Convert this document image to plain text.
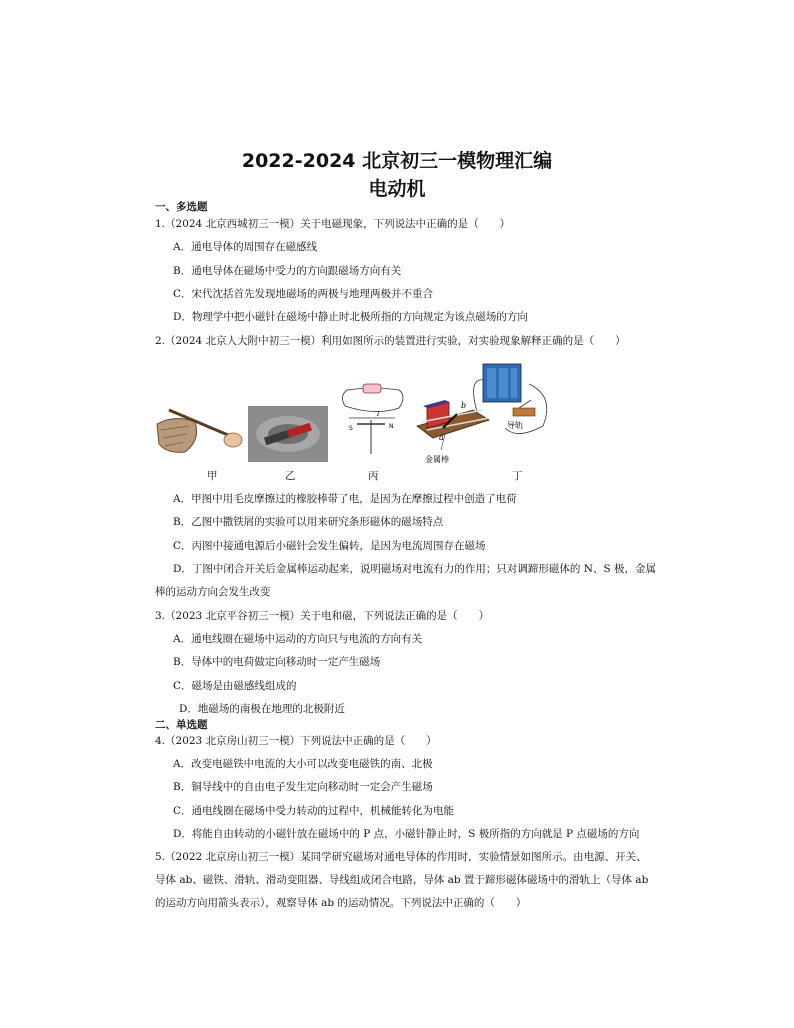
2022-2024 北京初三一模物理汇编
电动机
一、多选题
1.（2024 北京西城初三一模）关于电磁现象，下列说法中正确的是（　　）
A．通电导体的周围存在磁感线
B．通电导体在磁场中受力的方向跟磁场方向有关
C．宋代沈括首先发现地磁场的两极与地理两极并不重合
D．物理学中把小磁针在磁场中静止时北极所指的方向规定为该点磁场的方向
2.（2024 北京人大附中初三一模）利用如图所示的装置进行实验，对实验现象解释正确的是（　　）
S	N
I
b
a
导轨
金属棒
甲	乙	丙	丁
A．甲图中用毛皮摩擦过的橡胶棒带了电，是因为在摩擦过程中创造了电荷
B．乙图中撒铁屑的实验可以用来研究条形磁体的磁场特点
C．丙图中接通电源后小磁针会发生偏转，是因为电流周围存在磁场
D．丁图中闭合开关后金属棒运动起来，说明磁场对电流有力的作用；只对调蹄形磁体的 N、S 极，金属
棒的运动方向会发生改变
3.（2023 北京平谷初三一模）关于电和磁，下列说法正确的是（　　）
A．通电线圈在磁场中运动的方向只与电流的方向有关
B．导体中的电荷做定向移动时一定产生磁场
C．磁场是由磁感线组成的
D．地磁场的南极在地理的北极附近
二、单选题
4.（2023 北京房山初三一模）下列说法中正确的是（　　）
A．改变电磁铁中电流的大小可以改变电磁铁的南、北极
B．铜导线中的自由电子发生定向移动时一定会产生磁场
C．通电线圈在磁场中受力转动的过程中，机械能转化为电能
D．将能自由转动的小磁针放在磁场中的 P 点，小磁针静止时，S 极所指的方向就是 P 点磁场的方向
5.（2022 北京房山初三一模）某同学研究磁场对通电导体的作用时，实验情景如图所示。由电源、开关、
导体 ab、磁铁、滑轨、滑动变阻器、导线组成闭合电路，导体 ab 置于蹄形磁体磁场中的滑轨上（导体 ab
的运动方向用箭头表示），观察导体 ab 的运动情况。下列说法中正确的（　　）
